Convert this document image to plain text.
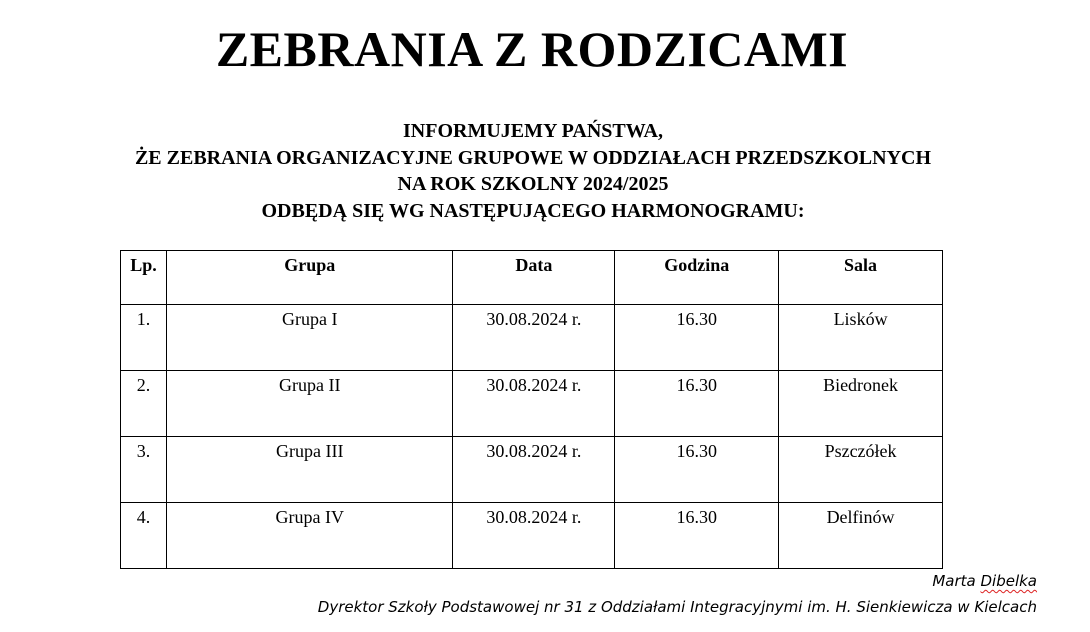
ZEBRANIA Z RODZICAMI
INFORMUJEMY PAŃSTWA,
ŻE ZEBRANIA ORGANIZACYJNE GRUPOWE W ODDZIAŁACH PRZEDSZKOLNYCH
NA ROK SZKOLNY 2024/2025
ODBĘDĄ SIĘ WG NASTĘPUJĄCEGO HARMONOGRAMU:
Lp.	Grupa	Data	Godzina	Sala
1.	Grupa I	30.08.2024 r.	16.30	Lisków
2.	Grupa II	30.08.2024 r.	16.30	Biedronek
3.	Grupa III	30.08.2024 r.	16.30	Pszczółek
4.	Grupa IV	30.08.2024 r.	16.30	Delfinów
Marta Dibelka
Dyrektor Szkoły Podstawowej nr 31 z Oddziałami Integracyjnymi im. H. Sienkiewicza w Kielcach
